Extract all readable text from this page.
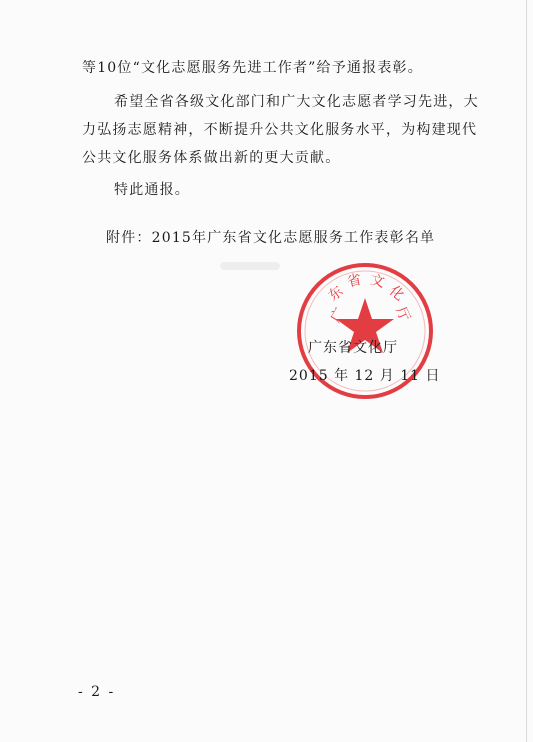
等10位“文化志愿服务先进工作者”给予通报表彰。

希望全省各级文化部门和广大文化志愿者学习先进，大力弘扬志愿精神，不断提升公共文化服务水平，为构建现代公共文化服务体系做出新的更大贡献。

特此通报。

附件：2015年广东省文化志愿服务工作表彰名单

广
东
省 文
化
厅

广东省文化厅

2015 年 12 月 11 日

- 2 -
